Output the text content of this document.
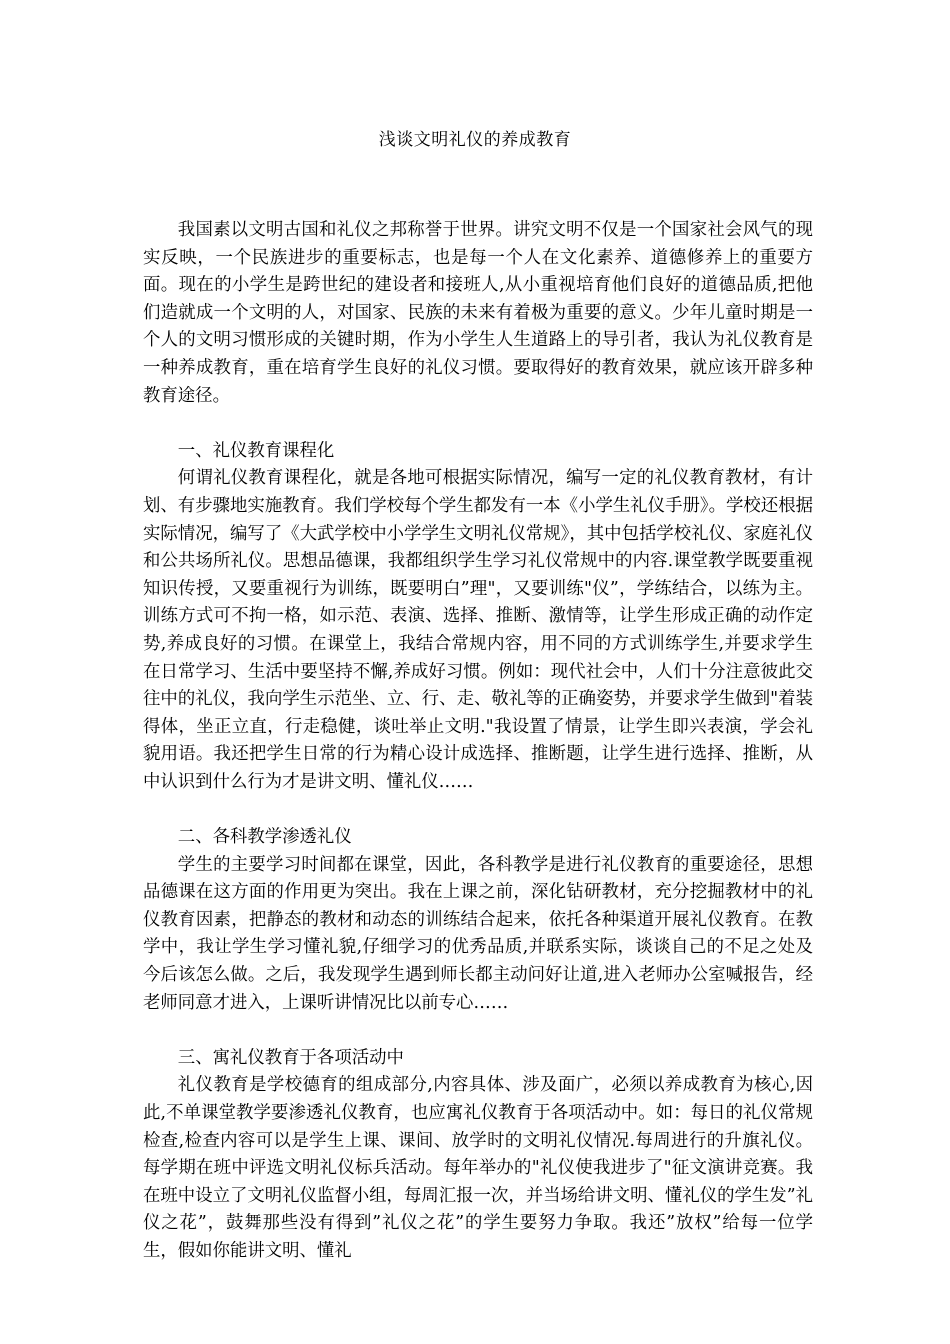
浅谈文明礼仪的养成教育

我国素以文明古国和礼仪之邦称誉于世界。讲究文明不仅是一个国家社会风气的现实反映，一个民族进步的重要标志，也是每一个人在文化素养、道德修养上的重要方面。现在的小学生是跨世纪的建设者和接班人,从小重视培育他们良好的道德品质,把他们造就成一个文明的人，对国家、民族的未来有着极为重要的意义。少年儿童时期是一个人的文明习惯形成的关键时期，作为小学生人生道路上的导引者，我认为礼仪教育是一种养成教育，重在培育学生良好的礼仪习惯。要取得好的教育效果，就应该开辟多种教育途径。

一、礼仪教育课程化

何谓礼仪教育课程化，就是各地可根据实际情况，编写一定的礼仪教育教材，有计划、有步骤地实施教育。我们学校每个学生都发有一本《小学生礼仪手册》。学校还根据实际情况，编写了《大武学校中小学学生文明礼仪常规》，其中包括学校礼仪、家庭礼仪和公共场所礼仪。思想品德课，我都组织学生学习礼仪常规中的内容.课堂教学既要重视知识传授，又要重视行为训练，既要明白”理"，又要训练"仪”，学练结合，以练为主。训练方式可不拘一格，如示范、表演、选择、推断、激情等，让学生形成正确的动作定势,养成良好的习惯。在课堂上，我结合常规内容，用不同的方式训练学生,并要求学生在日常学习、生活中要坚持不懈,养成好习惯。例如：现代社会中，人们十分注意彼此交往中的礼仪，我向学生示范坐、立、行、走、敬礼等的正确姿势，并要求学生做到"着装得体，坐正立直，行走稳健，谈吐举止文明."我设置了情景，让学生即兴表演，学会礼貌用语。我还把学生日常的行为精心设计成选择、推断题，让学生进行选择、推断，从中认识到什么行为才是讲文明、懂礼仪……

二、各科教学渗透礼仪

学生的主要学习时间都在课堂，因此，各科教学是进行礼仪教育的重要途径，思想品德课在这方面的作用更为突出。我在上课之前，深化钻研教材，充分挖掘教材中的礼仪教育因素，把静态的教材和动态的训练结合起来，依托各种渠道开展礼仪教育。在教学中，我让学生学习懂礼貌,仔细学习的优秀品质,并联系实际，谈谈自己的不足之处及今后该怎么做。之后，我发现学生遇到师长都主动问好让道,进入老师办公室喊报告，经老师同意才进入，上课听讲情况比以前专心……

三、寓礼仪教育于各项活动中

礼仪教育是学校德育的组成部分,内容具体、涉及面广，必须以养成教育为核心,因此,不单课堂教学要渗透礼仪教育，也应寓礼仪教育于各项活动中。如：每日的礼仪常规检查,检查内容可以是学生上课、课间、放学时的文明礼仪情况.每周进行的升旗礼仪。每学期在班中评选文明礼仪标兵活动。每年举办的"礼仪使我进步了"征文演讲竞赛。我在班中设立了文明礼仪监督小组，每周汇报一次，并当场给讲文明、懂礼仪的学生发”礼仪之花”，鼓舞那些没有得到”礼仪之花”的学生要努力争取。我还”放权”给每一位学生，假如你能讲文明、懂礼
